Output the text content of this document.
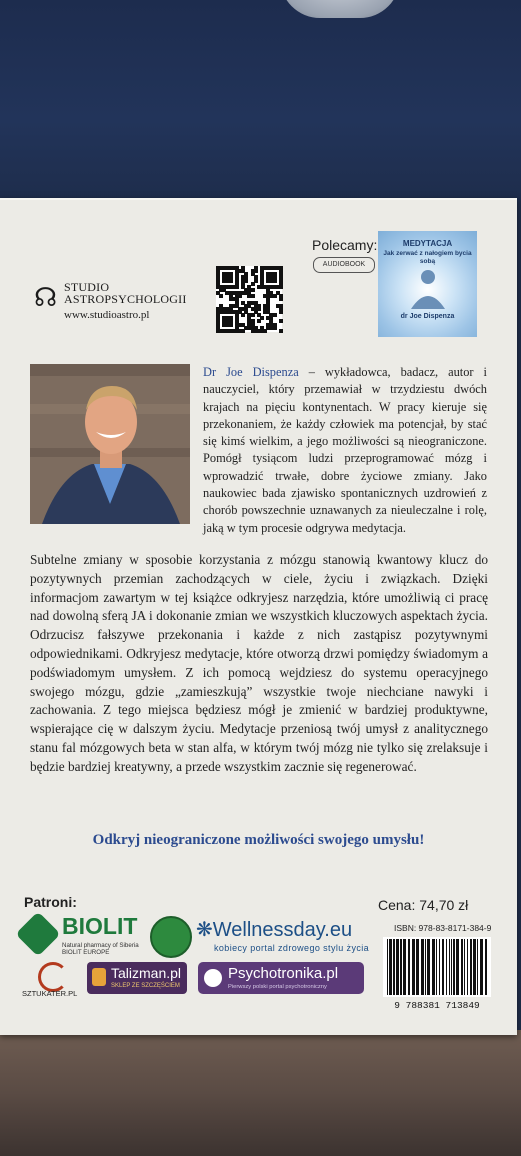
☊ STUDIO
ASTROPSYCHOLOGII
www.studioastro.pl
Polecamy:
AUDIOBOOK
MEDYTACJA
Jak zerwać z nałogiem bycia sobą
dr Joe Dispenza

Dr Joe Dispenza – wykładowca, badacz, autor i nauczyciel, który przemawiał w trzydziestu dwóch krajach na pięciu kontynentach. W pracy kieruje się przekonaniem, że każdy człowiek ma potencjał, by stać się kimś wielkim, a jego możliwości są nieograniczone. Pomógł tysiącom ludzi przeprogramować mózg i wprowadzić trwałe, dobre życiowe zmiany. Jako naukowiec bada zjawisko spontanicznych uzdrowień z chorób powszechnie uznawanych za nieuleczalne i rolę, jaką w tym procesie odgrywa medytacja.

Subtelne zmiany w sposobie korzystania z mózgu stanowią kwantowy klucz do pozytywnych przemian zachodzących w ciele, życiu i związkach. Dzięki informacjom zawartym w tej książce odkryjesz narzędzia, które umożliwią ci pracę nad dowolną sferą JA i dokonanie zmian we wszystkich kluczowych aspektach życia. Odrzucisz fałszywe przekonania i każde z nich zastąpisz pozytywnymi odpowiednikami. Odkryjesz medytacje, które otworzą drzwi pomiędzy świadomym a podświadomym umysłem. Z ich pomocą wejdziesz do systemu operacyjnego swojego mózgu, gdzie „zamieszkują” wszystkie twoje niechciane nawyki i zachowania. Z tego miejsca będziesz mógł je zmienić w bardziej produktywne, wspierające cię w dalszym życiu. Medytacje przeniosą twój umysł z analitycznego stanu fal mózgowych beta w stan alfa, w którym twój mózg nie tylko się zrelaksuje i będzie bardziej kreatywny, a przede wszystkim zacznie się regenerować.

Odkryj nieograniczone możliwości swojego umysłu!
Patroni:
BIOLIT
Natural pharmacy of Siberia
BIOLIT EUROPE
❋Wellnessday.eu
kobiecy portal zdrowego stylu życia
SZTUKATER.PL
Talizman.pl
SKLEP ZE SZCZĘŚCIEM
Psychotronika.pl
Pierwszy polski portal psychotroniczny
Cena: 74,70 zł
ISBN: 978-83-8171-384-9
9 788381 713849
